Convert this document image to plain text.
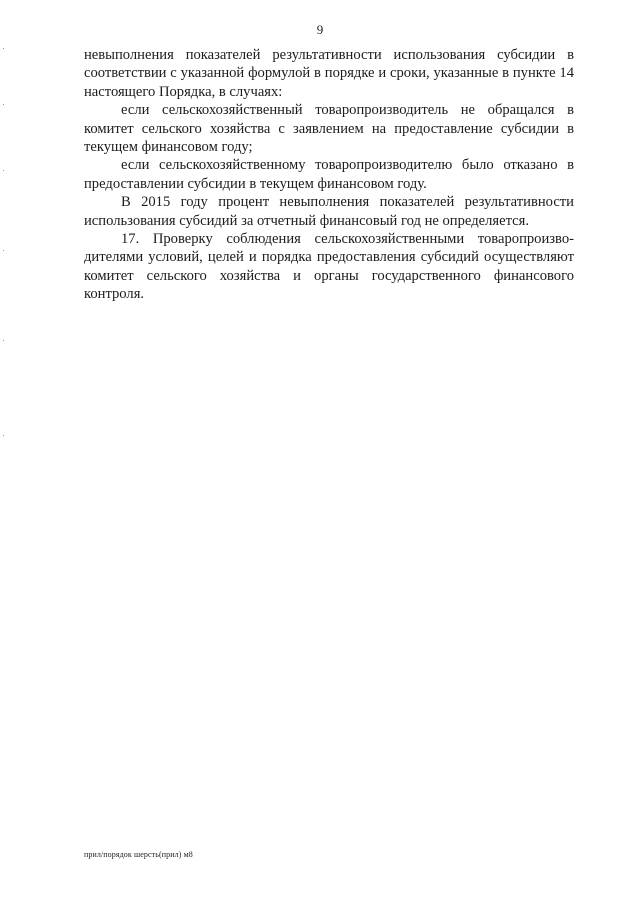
9

невыполнения показателей результативности использования субсидии в соответствии с указанной формулой в порядке и сроки, указанные в пункте 14 настоящего Порядка, в случаях:

если сельскохозяйственный товаропроизводитель не обращался в комитет сельского хозяйства с заявлением на предоставление субсидии в текущем финансовом году;

если сельскохозяйственному товаропроизводителю было отказано в предоставлении субсидии в текущем финансовом году.

В 2015 году процент невыполнения показателей результативности использования субсидий за отчетный финансовый год не определяется.

17. Проверку соблюдения сельскохозяйственными товаропроизво-дителями условий, целей и порядка предоставления субсидий осуществляют комитет сельского хозяйства и органы государственного финансового контроля.

прил/порядок шерсть(прил) м8
